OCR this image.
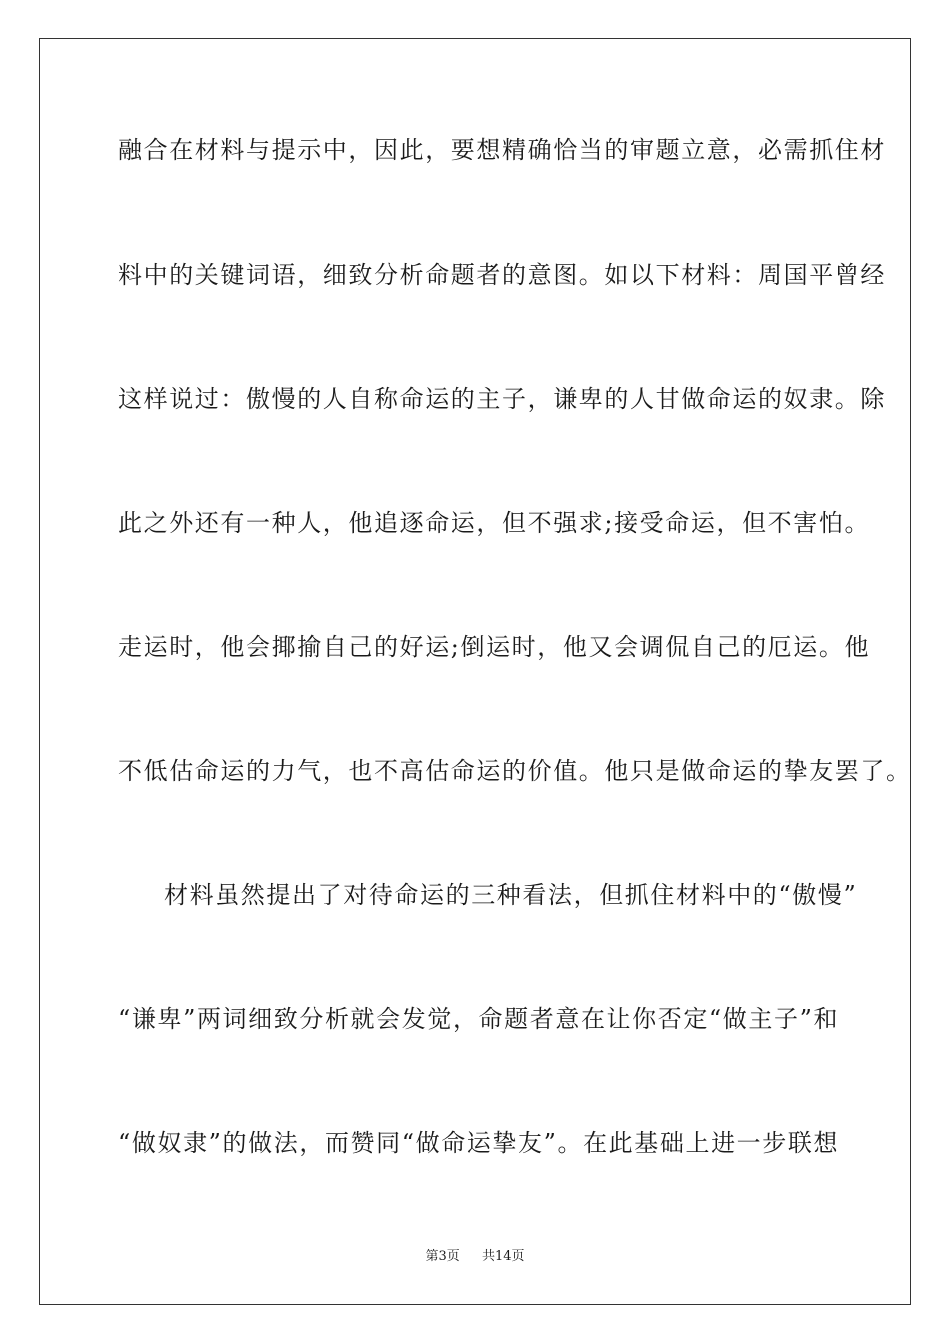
融合在材料与提示中，因此，要想精确恰当的审题立意，必需抓住材
料中的关键词语，细致分析命题者的意图。如以下材料：周国平曾经
这样说过：傲慢的人自称命运的主子，谦卑的人甘做命运的奴隶。除
此之外还有一种人，他追逐命运，但不强求;接受命运，但不害怕。
走运时，他会揶揄自己的好运;倒运时，他又会调侃自己的厄运。他
不低估命运的力气，也不高估命运的价值。他只是做命运的挚友罢了。
材料虽然提出了对待命运的三种看法，但抓住材料中的“傲慢”
“谦卑”两词细致分析就会发觉，命题者意在让你否定“做主子”和
“做奴隶”的做法，而赞同“做命运挚友”。在此基础上进一步联想
第3页 共14页
